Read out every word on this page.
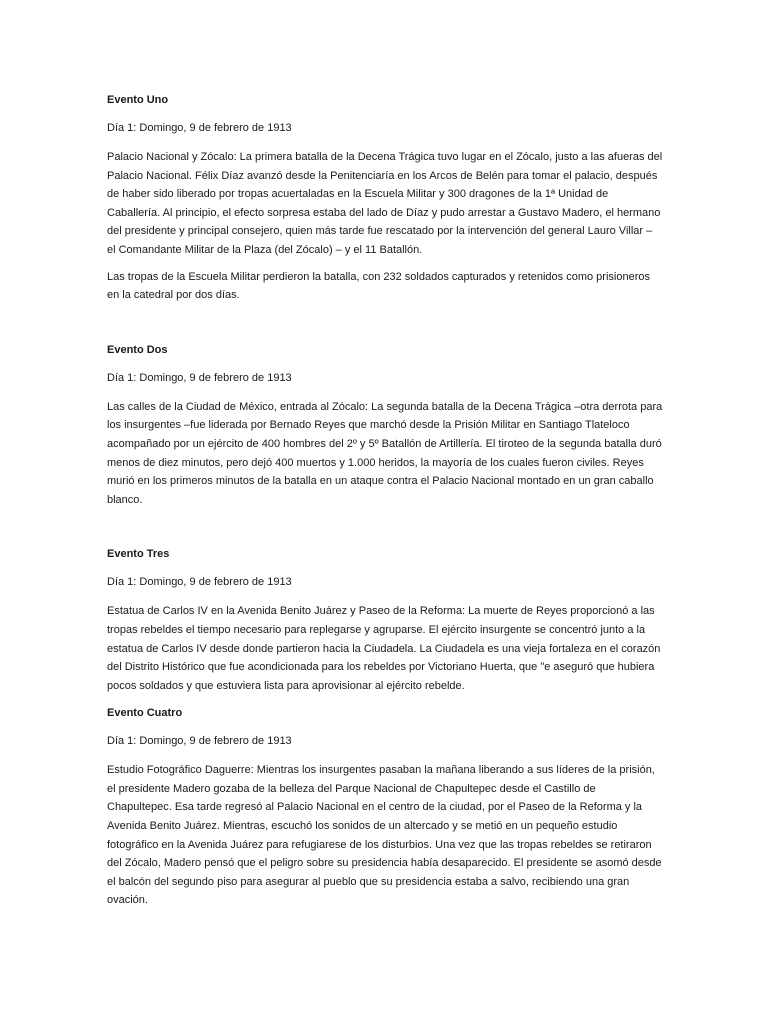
Evento Uno

Día 1: Domingo, 9 de febrero de 1913

Palacio Nacional y Zócalo: La primera batalla de la Decena Trágica tuvo lugar en el Zócalo, justo a las afueras del Palacio Nacional. Félix Díaz avanzó desde la Penitenciaría en los Arcos de Belén para tomar el palacio, después de haber sido liberado por tropas acuertaladas en la Escuela Militar y 300 dragones de la 1ª Unidad de Caballería. Al principio, el efecto sorpresa estaba del lado de Díaz y pudo arrestar a Gustavo Madero, el hermano del presidente y principal consejero, quien más tarde fue rescatado por la intervención del general Lauro Villar – el Comandante Militar de la Plaza (del Zócalo) – y el 11 Batallón.

Las tropas de la Escuela Militar perdieron la batalla, con 232 soldados capturados y retenidos como prisioneros en la catedral por dos días.

Evento Dos

Día 1: Domingo, 9 de febrero de 1913

Las calles de la Ciudad de México, entrada al Zócalo: La segunda batalla de la Decena Trágica –otra derrota para los insurgentes –fue liderada por Bernado Reyes que marchó desde la Prisión Militar en Santiago Tlateloco acompañado por un ejército de 400 hombres del 2º y 5º Batallón de Artillería. El tiroteo de la segunda batalla duró menos de diez minutos, pero dejó 400 muertos y 1.000 heridos, la mayoría de los cuales fueron civiles. Reyes murió en los primeros minutos de la batalla en un ataque contra el Palacio Nacional montado en un gran caballo blanco.

Evento Tres

Día 1: Domingo, 9 de febrero de 1913

Estatua de Carlos IV en la Avenida Benito Juárez y Paseo de la Reforma: La muerte de Reyes proporcionó a las tropas rebeldes el tiempo necesario para replegarse y agruparse. El ejército insurgente se concentró junto a la estatua de Carlos IV desde donde partieron hacia la Ciudadela. La Ciudadela es una vieja fortaleza en el corazón del Distrito Histórico que fue acondicionada para los rebeldes por Victoriano Huerta, que "e aseguró que hubiera pocos soldados y que estuviera lista para aprovisionar al ejército rebelde.

Evento Cuatro

Día 1: Domingo, 9 de febrero de 1913

Estudio Fotográfico Daguerre: Mientras los insurgentes pasaban la mañana liberando a sus líderes de la prisión, el presidente Madero gozaba de la belleza del Parque Nacional de Chapultepec desde el Castillo de Chapultepec. Esa tarde regresó al Palacio Nacional en el centro de la ciudad, por el Paseo de la Reforma y la Avenida Benito Juárez. Mientras, escuchó los sonidos de un altercado y se metió en un pequeño estudio fotográfico en la Avenida Juárez para refugiarese de los disturbios. Una vez que las tropas rebeldes se retiraron del Zócalo, Madero pensó que el peligro sobre su presidencia había desaparecido. El presidente se asomó desde el balcón del segundo piso para asegurar al pueblo que su presidencia estaba a salvo, recibiendo una gran ovación.
